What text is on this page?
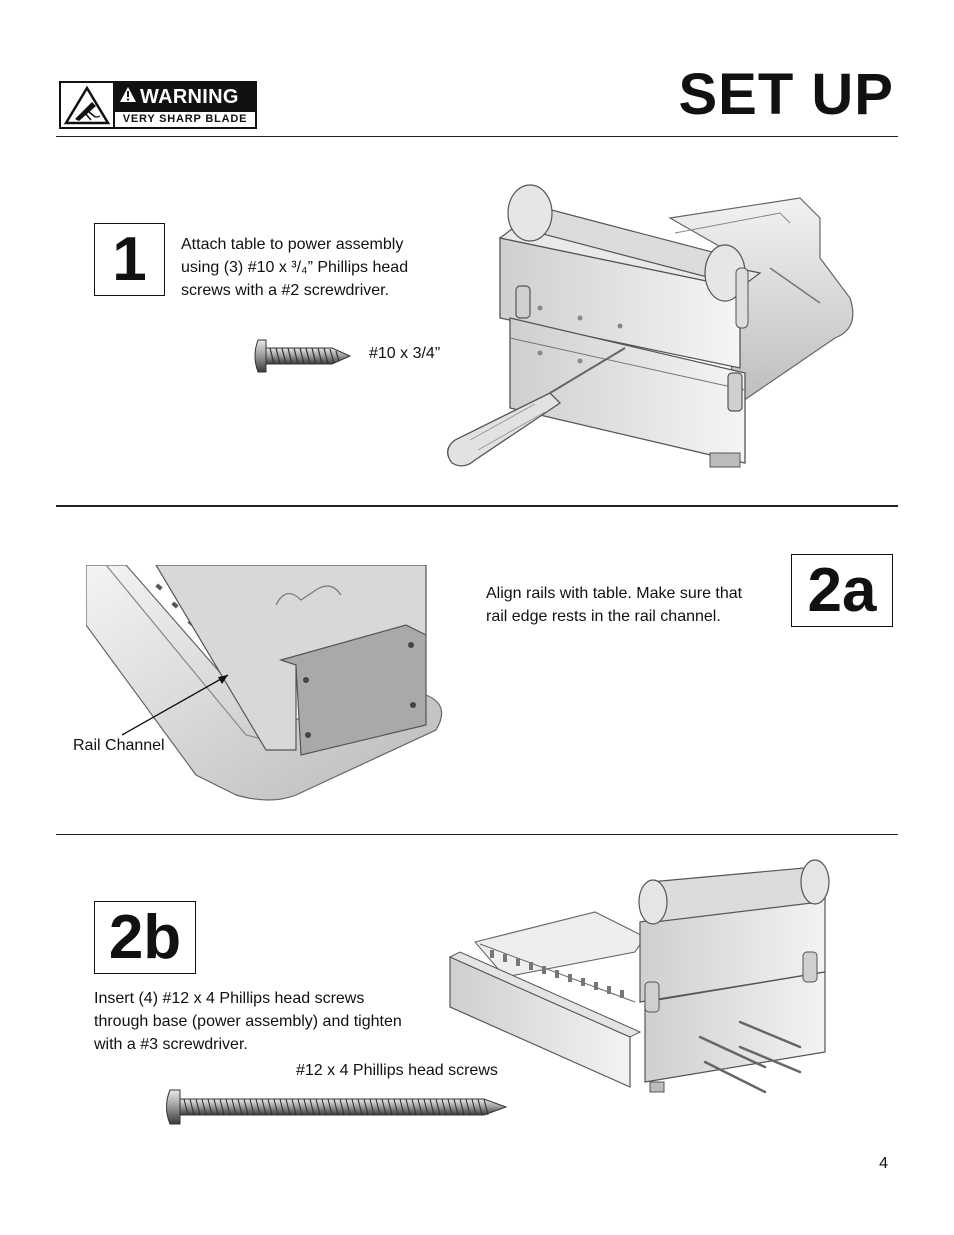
WARNING
VERY SHARP BLADE	SET UP
1	Attach table to power assembly
using (3) #10 x ³/₄” Phillips head
screws with a #2 screwdriver.
#10 x 3/4”
Rail Channel
Align rails with table. Make sure that
rail edge rests in the rail channel.	2a
2b
Insert (4) #12 x 4 Phillips head screws
through base (power assembly) and tighten
with a #3 screwdriver.
#12 x 4 Phillips head screws
4
